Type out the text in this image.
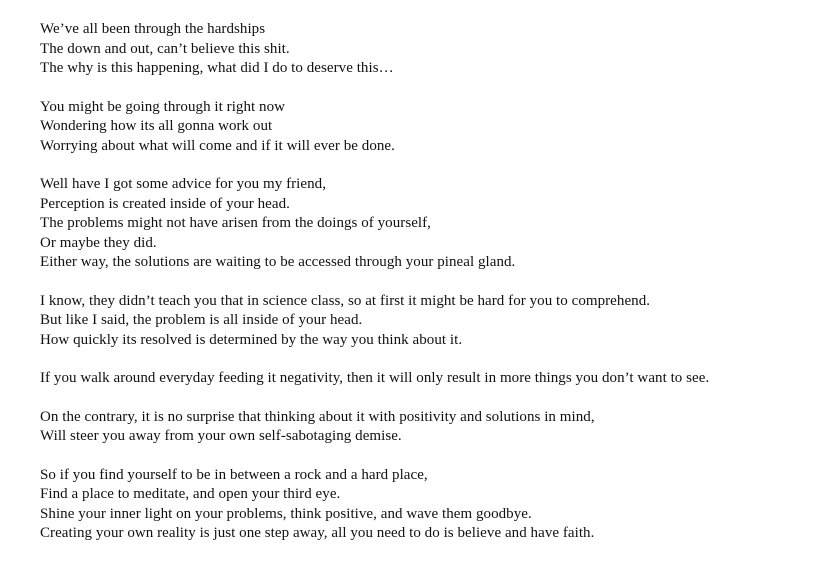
We’ve all been through the hardships
The down and out, can’t believe this shit.
The why is this happening, what did I do to deserve this…
You might be going through it right now
Wondering how its all gonna work out
Worrying about what will come and if it will ever be done.
Well have I got some advice for you my friend,
Perception is created inside of your head.
The problems might not have arisen from the doings of yourself,
Or maybe they did.
Either way, the solutions are waiting to be accessed through your pineal gland.
I know, they didn’t teach you that in science class, so at first it might be hard for you to comprehend.
But like I said, the problem is all inside of your head.
How quickly its resolved is determined by the way you think about it.
If you walk around everyday feeding it negativity, then it will only result in more things you don’t want to see.
On the contrary, it is no surprise that thinking about it with positivity and solutions in mind,
Will steer you away from your own self-sabotaging demise.
So if you find yourself to be in between a rock and a hard place,
Find a place to meditate, and open your third eye.
Shine your inner light on your problems, think positive, and wave them goodbye.
Creating your own reality is just one step away, all you need to do is believe and have faith.
